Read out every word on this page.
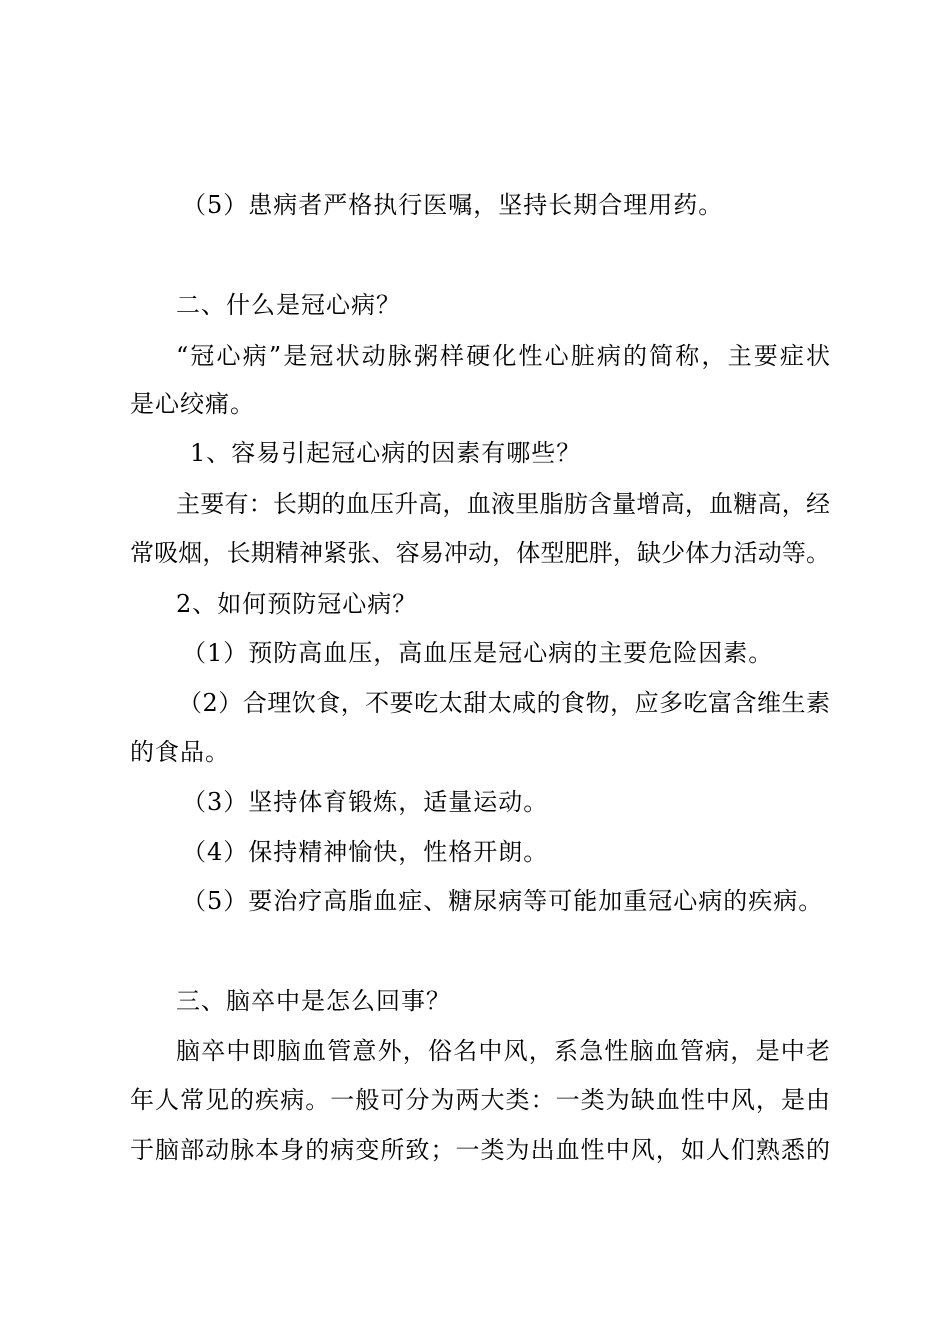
（5）患病者严格执行医嘱，坚持长期合理用药。

二、什么是冠心病？

“冠心病”是冠状动脉粥样硬化性心脏病的简称，主要症状

是心绞痛。

1、容易引起冠心病的因素有哪些？

主要有：长期的血压升高，血液里脂肪含量增高，血糖高，经

常吸烟，长期精神紧张、容易冲动，体型肥胖，缺少体力活动等。

2、如何预防冠心病？

（1）预防高血压，高血压是冠心病的主要危险因素。

（2）合理饮食，不要吃太甜太咸的食物，应多吃富含维生素

的食品。

（3）坚持体育锻炼，适量运动。

（4）保持精神愉快，性格开朗。

（5）要治疗高脂血症、糖尿病等可能加重冠心病的疾病。

三、脑卒中是怎么回事？

脑卒中即脑血管意外，俗名中风，系急性脑血管病，是中老

年人常见的疾病。一般可分为两大类：一类为缺血性中风，是由

于脑部动脉本身的病变所致；一类为出血性中风，如人们熟悉的
